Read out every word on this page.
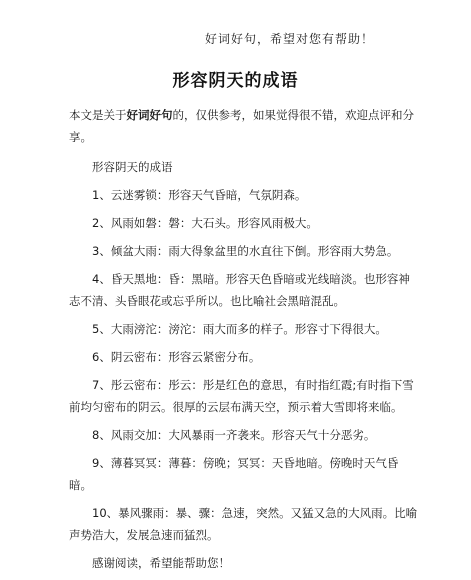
好词好句，希望对您有帮助！
形容阴天的成语
本文是关于好词好句的，仅供参考，如果觉得很不错，欢迎点评和分享。
形容阴天的成语
1、云迷雾锁：形容天气昏暗，气氛阴森。
2、风雨如磐：磐：大石头。形容风雨极大。
3、倾盆大雨：雨大得象盆里的水直往下倒。形容雨大势急。
4、昏天黑地：昏：黑暗。形容天色昏暗或光线暗淡。也形容神志不清、头昏眼花或忘乎所以。也比喻社会黑暗混乱。
5、大雨滂沱：滂沱：雨大而多的样子。形容寸下得很大。
6、阴云密布：形容云紧密分布。
7、彤云密布：彤云：彤是红色的意思，有时指红霞;有时指下雪前均匀密布的阴云。很厚的云层布满天空，预示着大雪即将来临。
8、风雨交加：大风暴雨一齐袭来。形容天气十分恶劣。
9、薄暮冥冥：薄暮：傍晚；冥冥：天昏地暗。傍晚时天气昏暗。
10、暴风骤雨：暴、骤：急速，突然。又猛又急的大风雨。比喻声势浩大，发展急速而猛烈。
感谢阅读，希望能帮助您！
